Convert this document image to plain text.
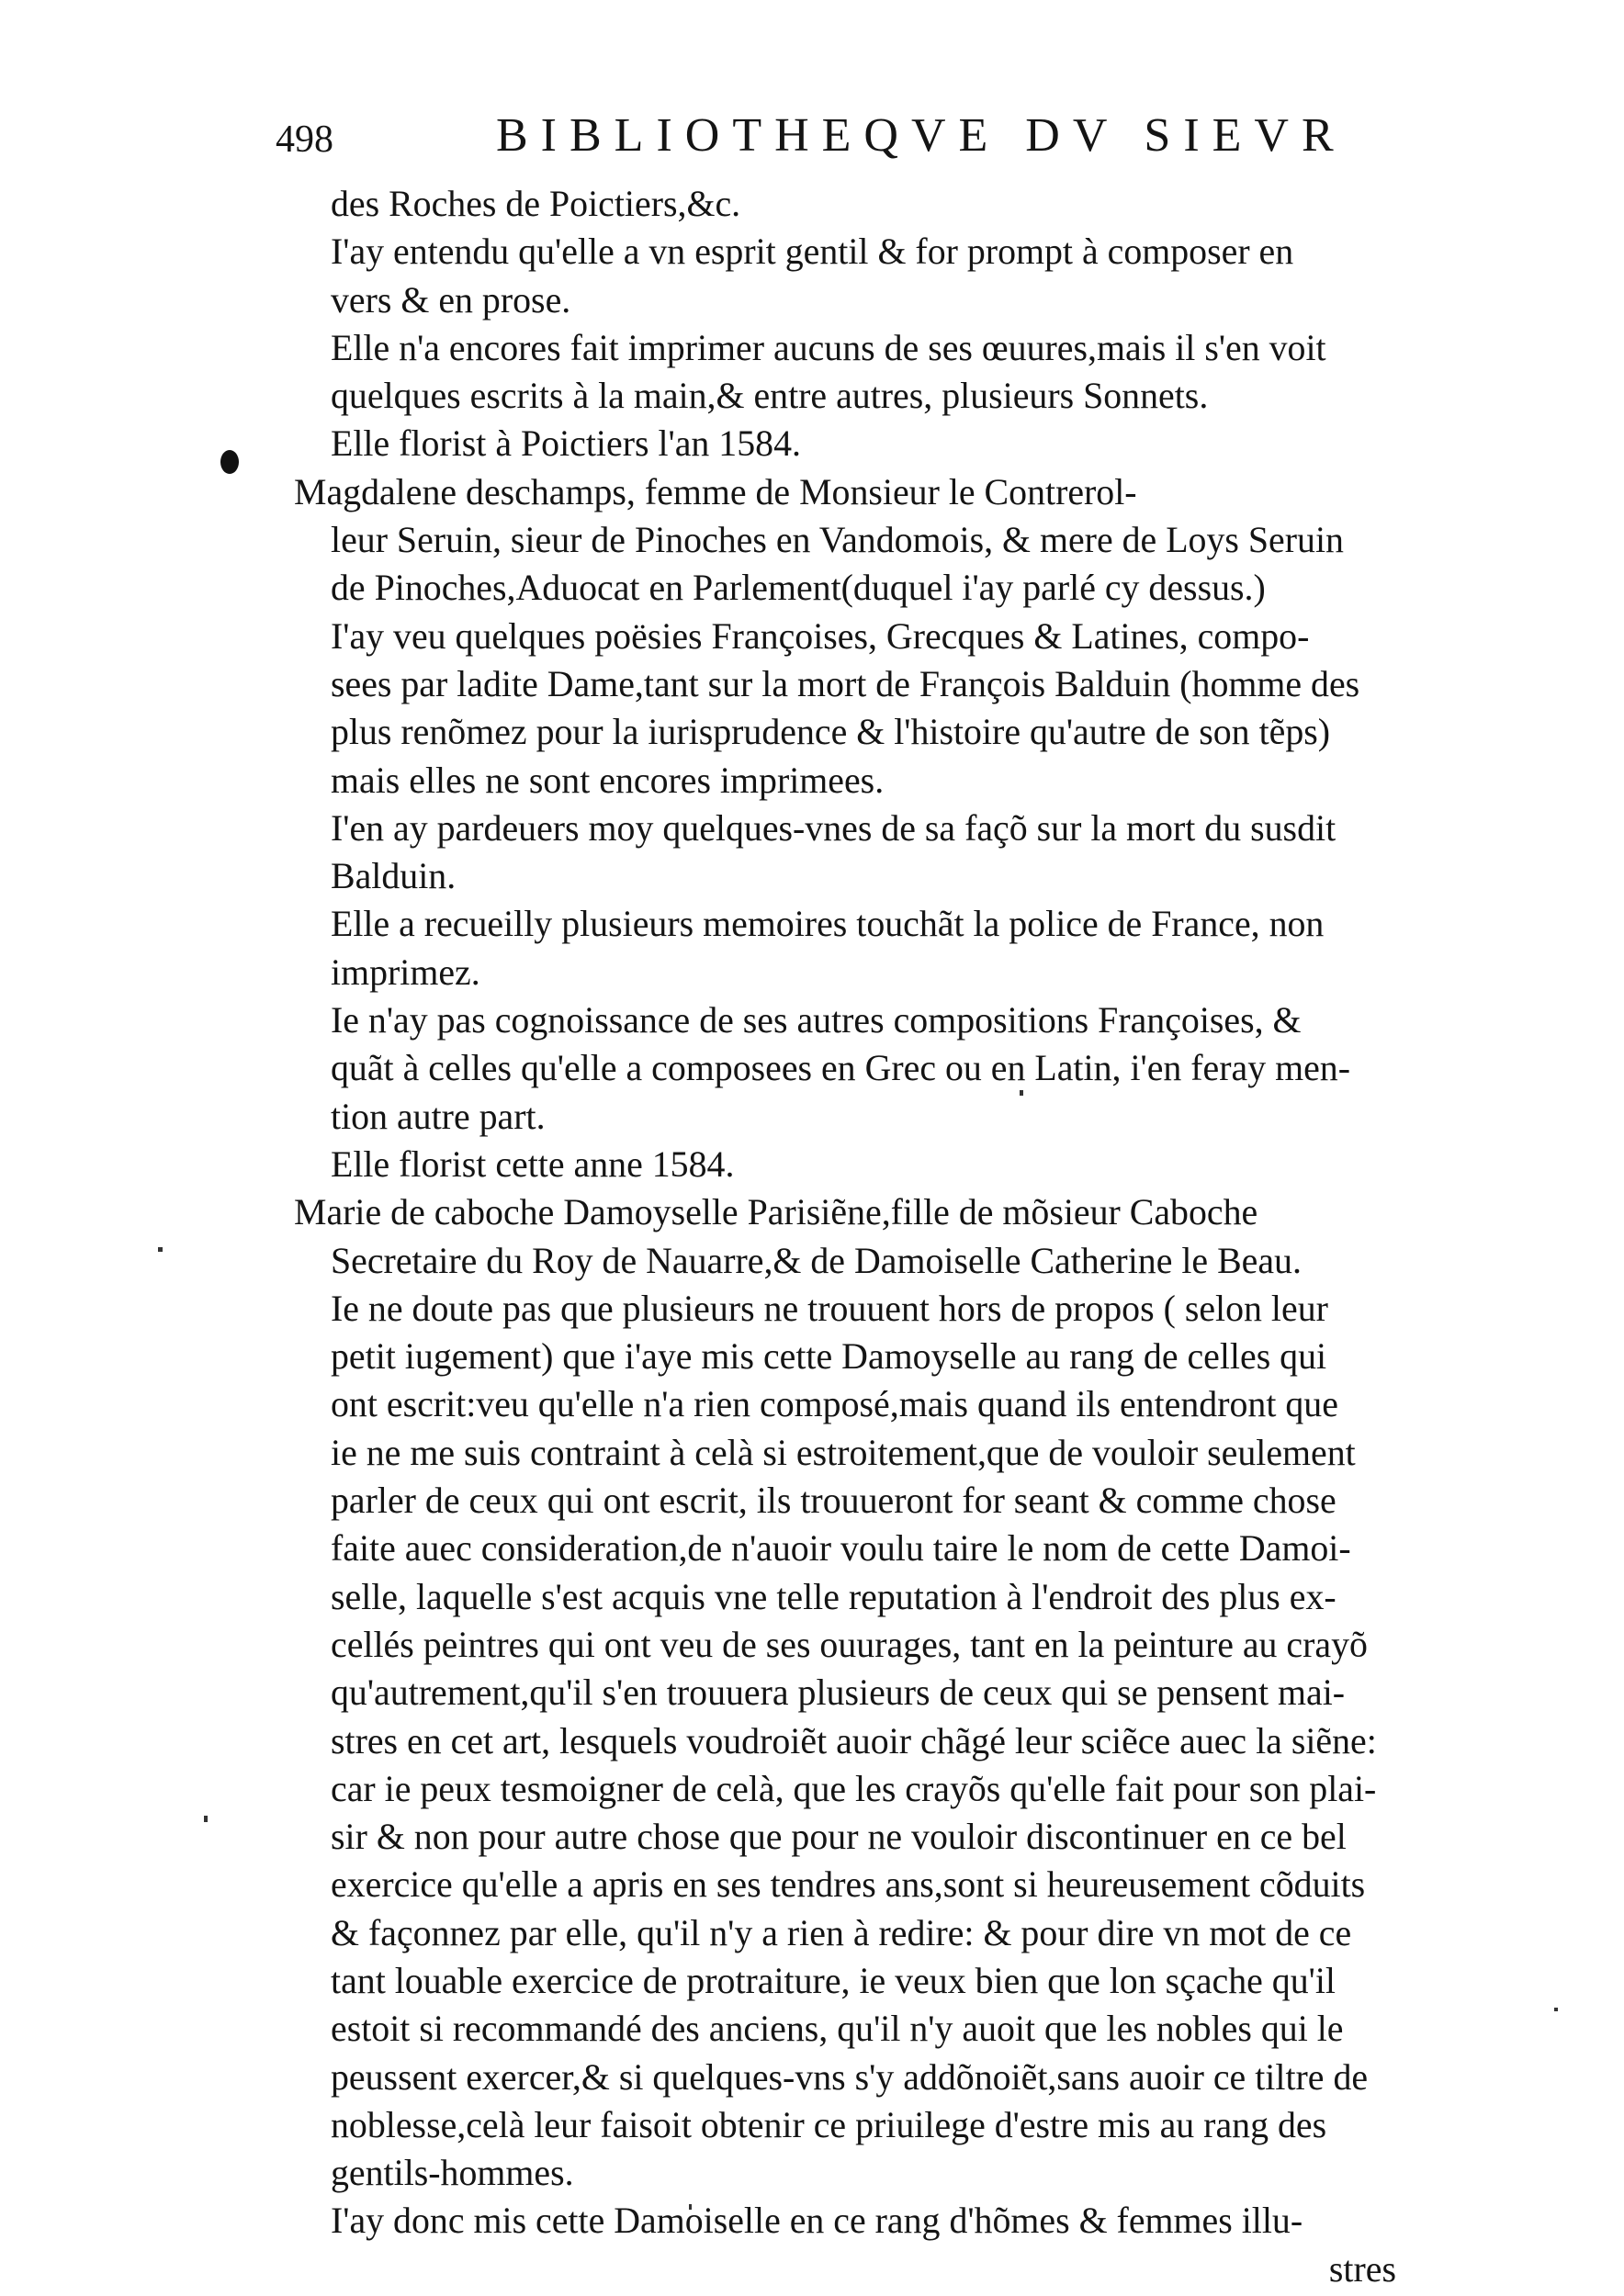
498	BIBLIOTHEQVE DV SIEVR
des Roches de Poictiers,&c.
I'ay entendu qu'elle a vn esprit gentil & for prompt à composer en
vers & en prose.
Elle n'a encores fait imprimer aucuns de ses œuures,mais il s'en voit
quelques escrits à la main,& entre autres, plusieurs Sonnets.
Elle florist à Poictiers l'an 1584.
Magdalene deschamps, femme de Monsieur le Contrerol-
leur Seruin, sieur de Pinoches en Vandomois, & mere de Loys Seruin
de Pinoches,Aduocat en Parlement(duquel i'ay parlé cy dessus.)
I'ay veu quelques poësies Françoises, Grecques & Latines, compo-
sees par ladite Dame,tant sur la mort de François Balduin (homme des
plus renõmez pour la iurisprudence & l'histoire qu'autre de son tẽps)
mais elles ne sont encores imprimees.
I'en ay pardeuers moy quelques-vnes de sa façõ sur la mort du susdit
Balduin.
Elle a recueilly plusieurs memoires touchãt la police de France, non
imprimez.
Ie n'ay pas cognoissance de ses autres compositions Françoises, &
quãt à celles qu'elle a composees en Grec ou en Latin, i'en feray men-
tion autre part.
Elle florist cette anne 1584.
Marie de caboche Damoyselle Parisiẽne,fille de mõsieur Caboche
Secretaire du Roy de Nauarre,& de Damoiselle Catherine le Beau.
Ie ne doute pas que plusieurs ne trouuent hors de propos ( selon leur
petit iugement) que i'aye mis cette Damoyselle au rang de celles qui
ont escrit:veu qu'elle n'a rien composé,mais quand ils entendront que
ie ne me suis contraint à celà si estroitement,que de vouloir seulement
parler de ceux qui ont escrit, ils trouueront for seant & comme chose
faite auec consideration,de n'auoir voulu taire le nom de cette Damoi-
selle, laquelle s'est acquis vne telle reputation à l'endroit des plus ex-
cellés peintres qui ont veu de ses ouurages, tant en la peinture au crayõ
qu'autrement,qu'il s'en trouuera plusieurs de ceux qui se pensent mai-
stres en cet art, lesquels voudroiẽt auoir chãgé leur sciẽce auec la siẽne:
car ie peux tesmoigner de celà, que les crayõs qu'elle fait pour son plai-
sir & non pour autre chose que pour ne vouloir discontinuer en ce bel
exercice qu'elle a apris en ses tendres ans,sont si heureusement cõduits
& façonnez par elle, qu'il n'y a rien à redire: & pour dire vn mot de ce
tant louable exercice de protraiture, ie veux bien que lon sçache qu'il
estoit si recommandé des anciens, qu'il n'y auoit que les nobles qui le
peussent exercer,& si quelques-vns s'y addõnoiẽt,sans auoir ce tiltre de
noblesse,celà leur faisoit obtenir ce priuilege d'estre mis au rang des
gentils-hommes.
I'ay donc mis cette Damoiselle en ce rang d'hõmes & femmes illu-
stres
